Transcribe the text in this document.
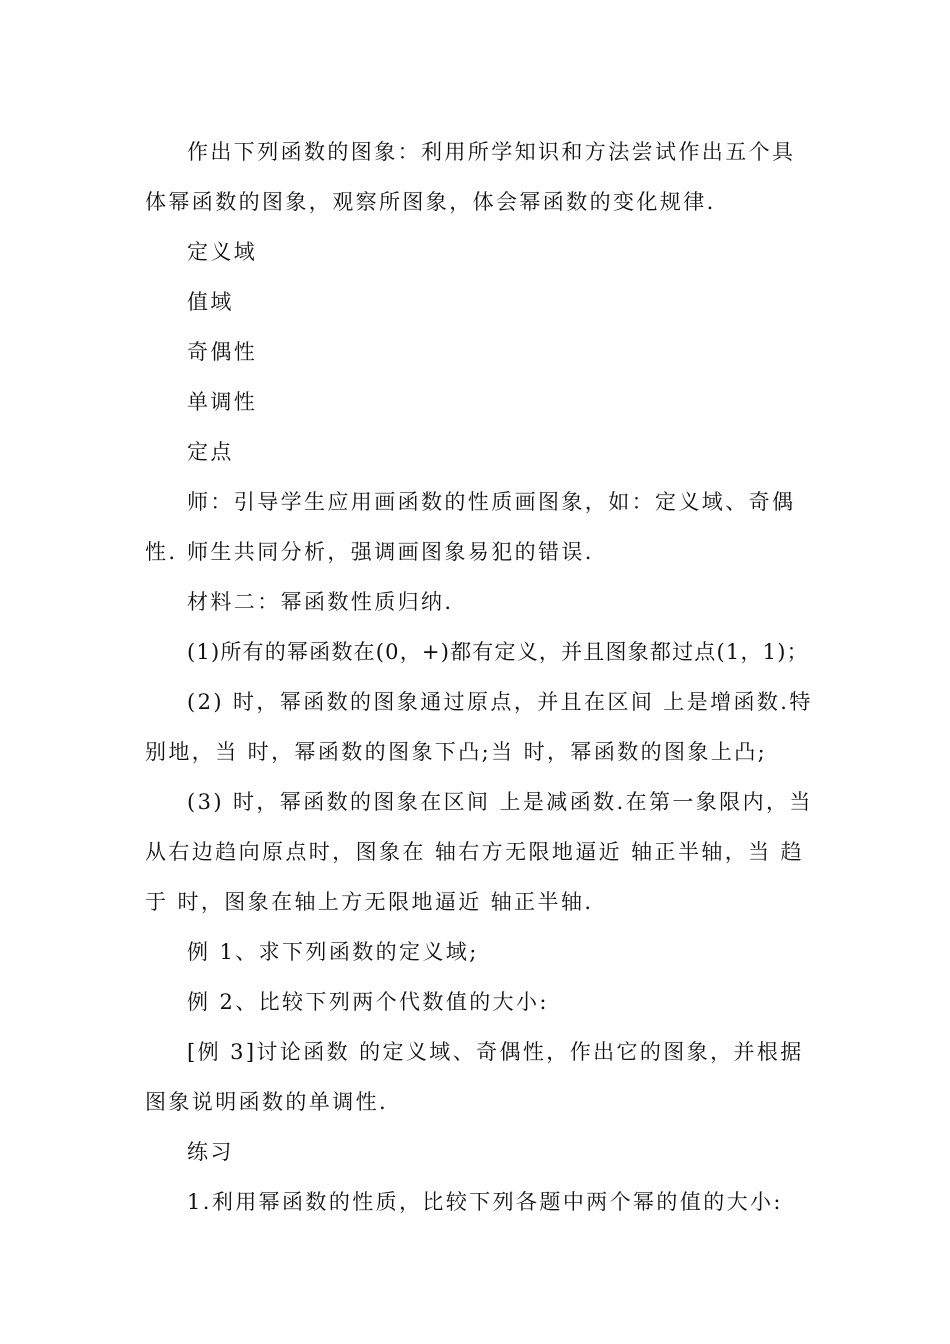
作出下列函数的图象：利用所学知识和方法尝试作出五个具体幂函数的图象，观察所图象，体会幂函数的变化规律.

定义域

值域

奇偶性

单调性

定点

师：引导学生应用画函数的性质画图象，如：定义域、奇偶性. 师生共同分析，强调画图象易犯的错误.

材料二：幂函数性质归纳.

(1)所有的幂函数在(0，+)都有定义，并且图象都过点(1，1)；

(2) 时，幂函数的图象通过原点，并且在区间 上是增函数.特别地，当 时，幂函数的图象下凸;当 时，幂函数的图象上凸;

(3) 时，幂函数的图象在区间 上是减函数.在第一象限内，当 从右边趋向原点时，图象在 轴右方无限地逼近 轴正半轴，当 趋于 时，图象在轴上方无限地逼近 轴正半轴.

例 1、求下列函数的定义域;

例 2、比较下列两个代数值的大小:

[例 3]讨论函数 的定义域、奇偶性，作出它的图象，并根据图象说明函数的单调性.

练习

1.利用幂函数的性质，比较下列各题中两个幂的值的大小:
